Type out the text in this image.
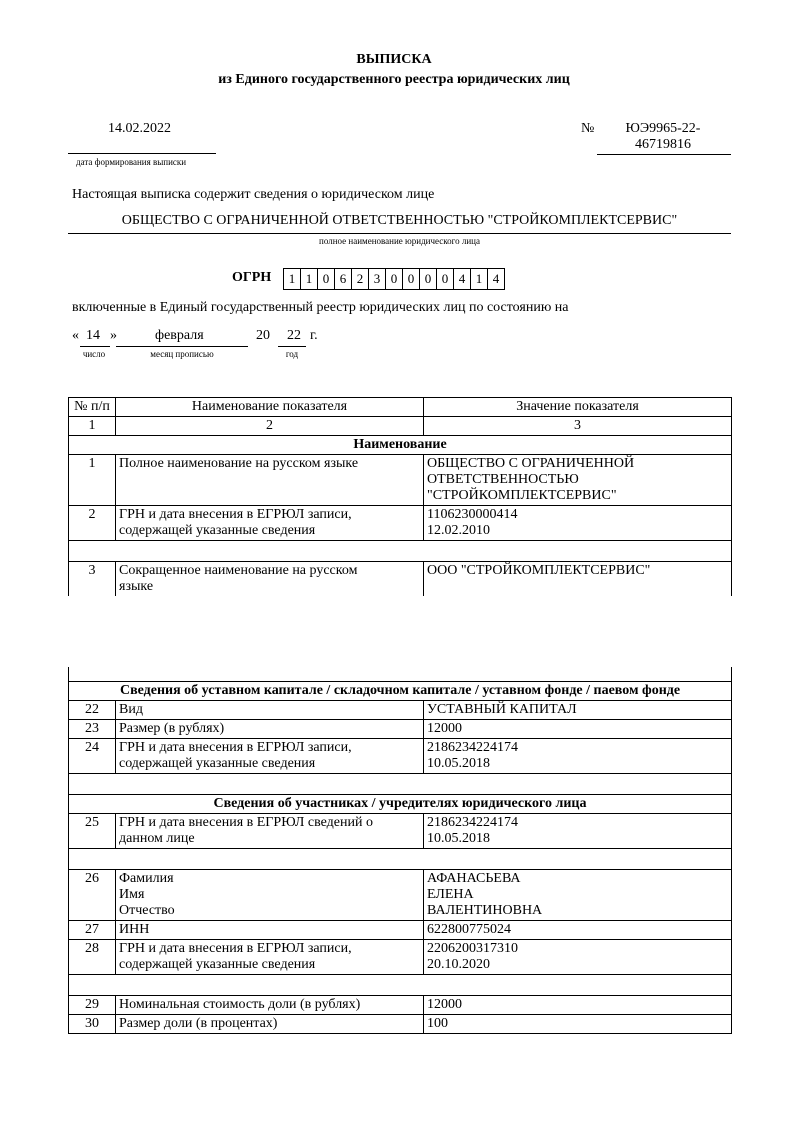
ВЫПИСКА
из Единого государственного реестра юридических лиц
14.02.2022
дата формирования выписки
№	ЮЭ9965-22-
46719816
Настоящая выписка содержит сведения о юридическом лице
ОБЩЕСТВО С ОГРАНИЧЕННОЙ ОТВЕТСТВЕННОСТЬЮ "СТРОЙКОМПЛЕКТСЕРВИС"
полное наименование юридического лица
ОГРН	1 1 0 6 2 3 0 0 0 0 4 1 4
включенные в Единый государственный реестр юридических лиц по состоянию на
« 14 »
число
февраля
месяц прописью
20 22 г.
год
№ п/п	Наименование показателя	Значение показателя
1	2	3
Наименование		
1	Полное наименование на русском языке	ОБЩЕСТВО С ОГРАНИЧЕННОЙ
ОТВЕТСТВЕННОСТЬЮ
"СТРОЙКОМПЛЕКТСЕРВИС"
2	ГРН и дата внесения в ЕГРЮЛ записи,
содержащей указанные сведения	1106230000414
12.02.2010

3	Сокращенное наименование на русском
языке	ООО "СТРОЙКОМПЛЕКТСЕРВИС"

Сведения об уставном капитале / складочном капитале / уставном фонде / паевом фонде		
22	Вид	УСТАВНЫЙ КАПИТАЛ
23	Размер (в рублях)	12000
24	ГРН и дата внесения в ЕГРЮЛ записи,
содержащей указанные сведения	2186234224174
10.05.2018

Сведения об участниках / учредителях юридического лица		
25	ГРН и дата внесения в ЕГРЮЛ сведений о
данном лице	2186234224174
10.05.2018

26	Фамилия
Имя
Отчество	АФАНАСЬЕВА
ЕЛЕНА
ВАЛЕНТИНОВНА
27	ИНН	622800775024
28	ГРН и дата внесения в ЕГРЮЛ записи,
содержащей указанные сведения	2206200317310
20.10.2020

29	Номинальная стоимость доли (в рублях)	12000
30	Размер доли (в процентах)	100
